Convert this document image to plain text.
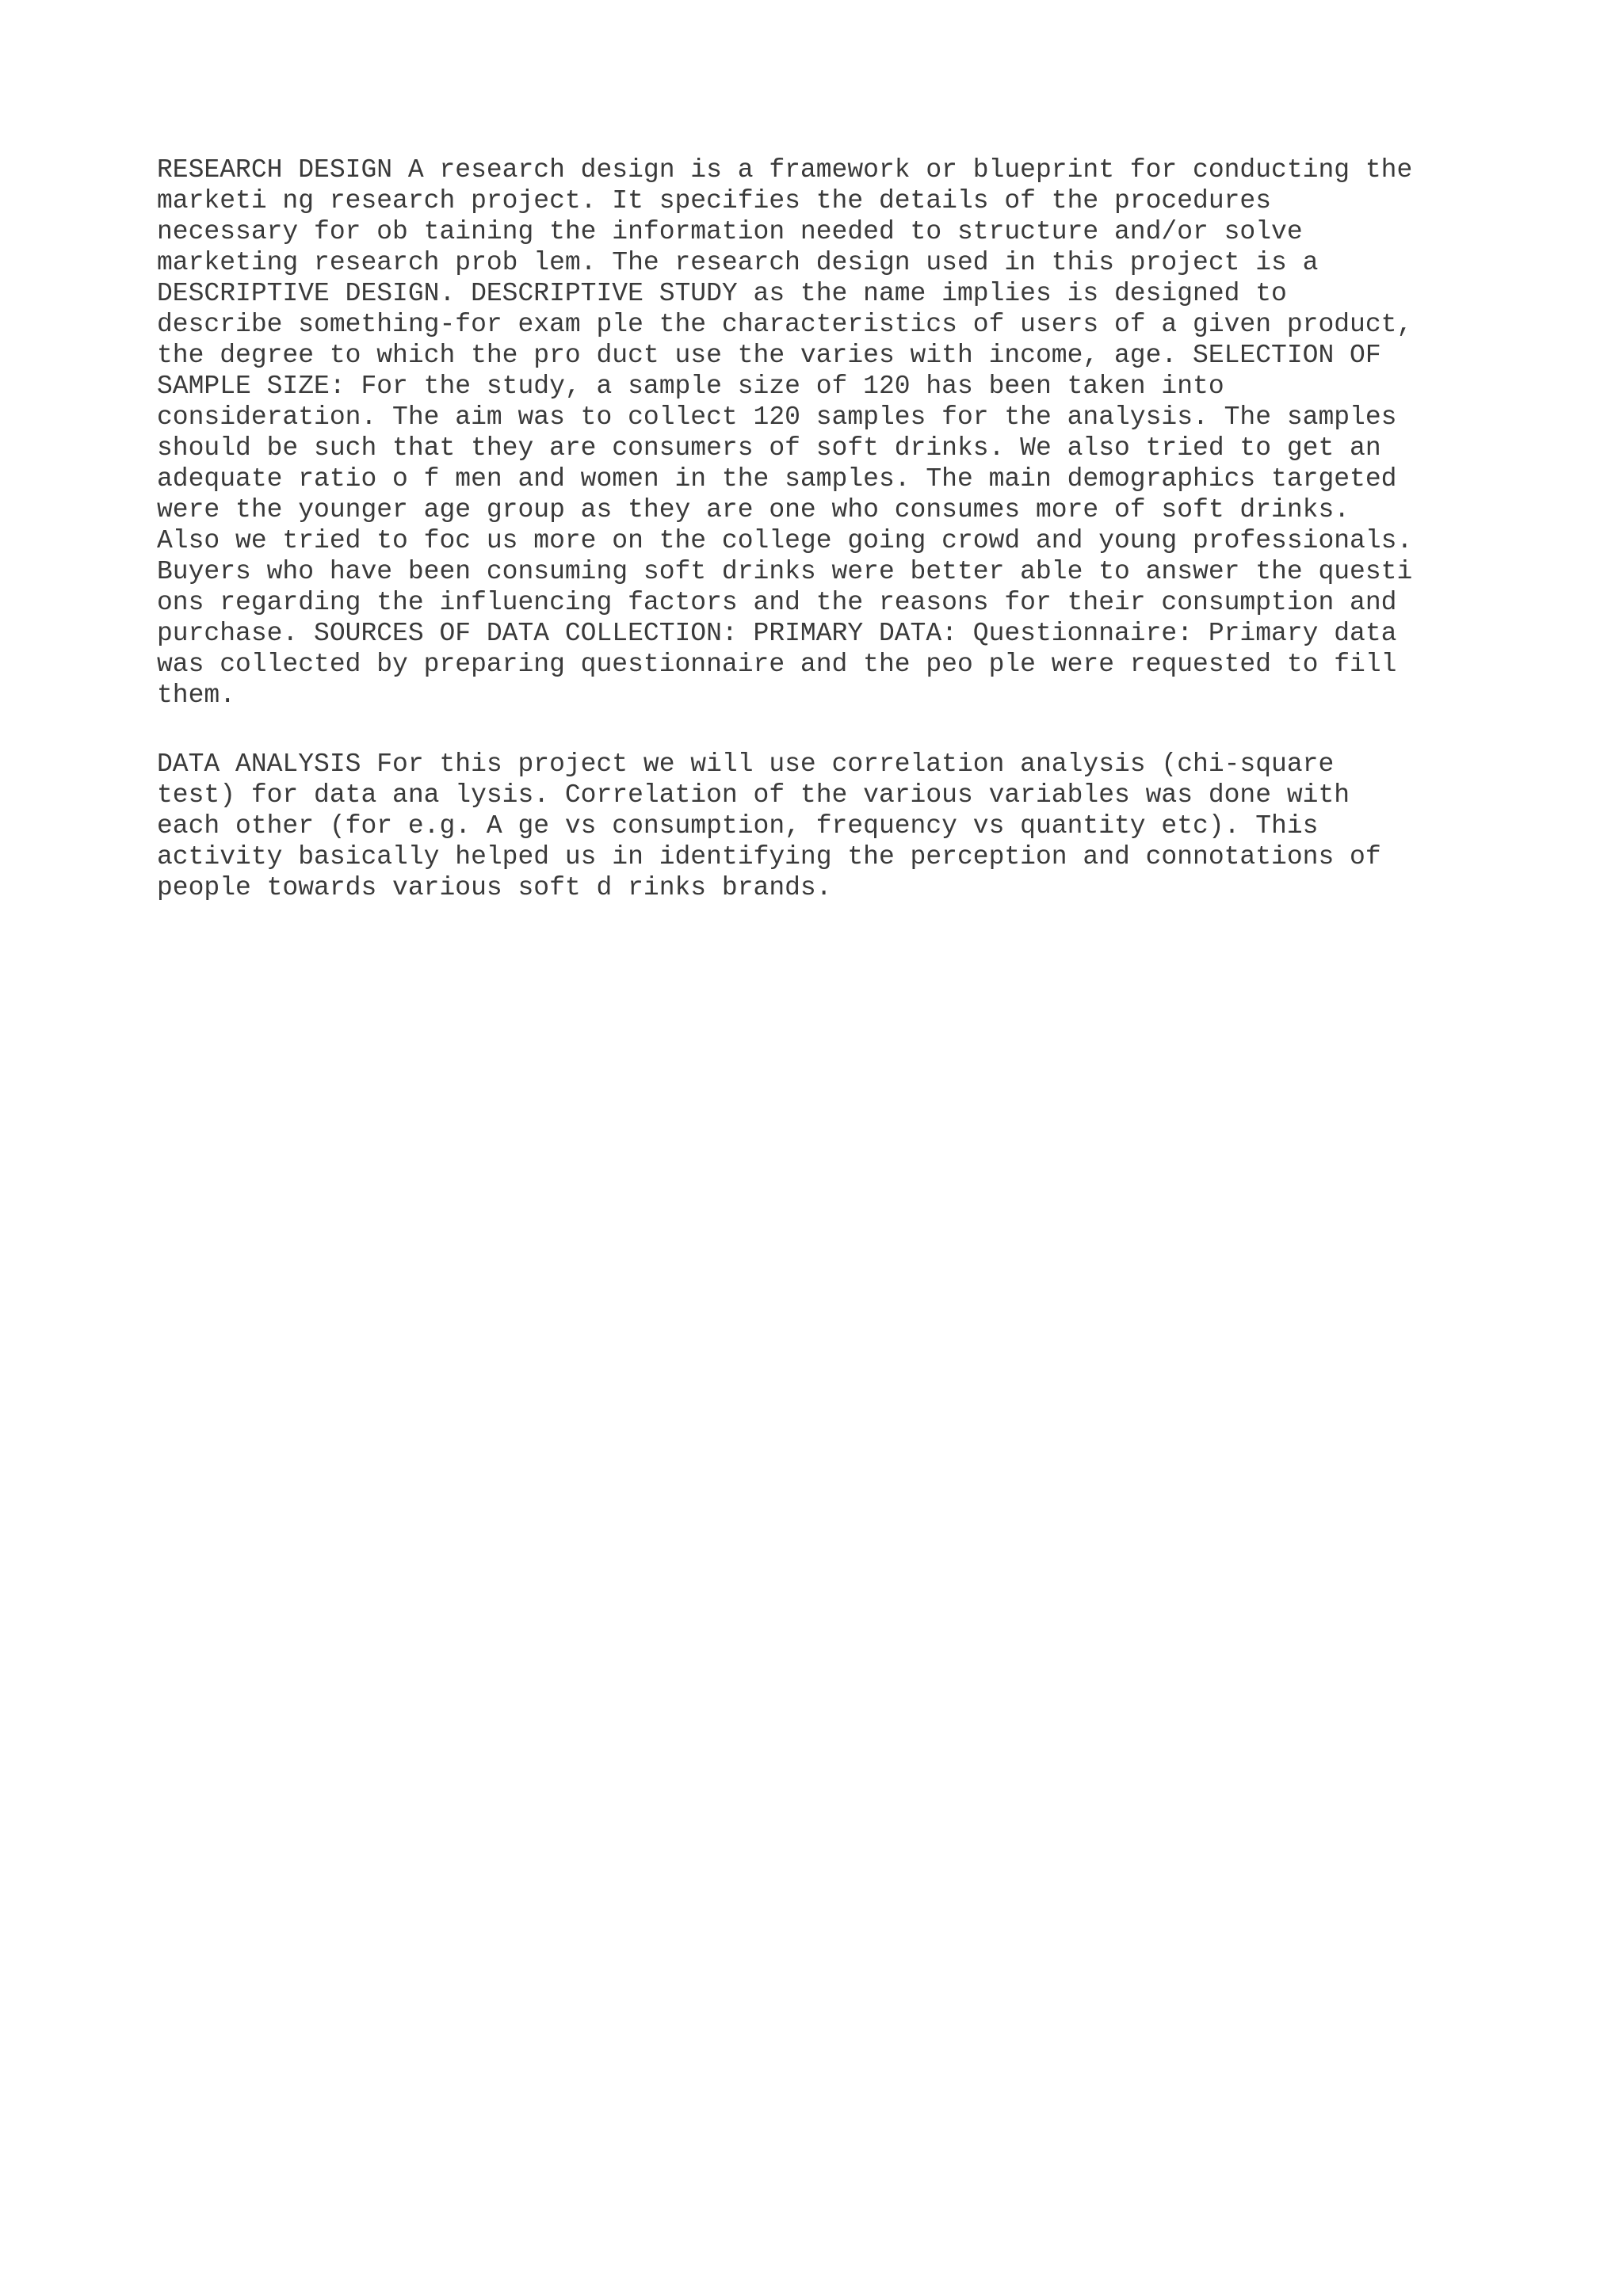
RESEARCH DESIGN A research design is a framework or blueprint for conducting the
marketi ng research project. It specifies the details of the procedures
necessary for ob taining the information needed to structure and/or solve
marketing research prob lem. The research design used in this project is a
DESCRIPTIVE DESIGN. DESCRIPTIVE STUDY as the name implies is designed to
describe something-for exam ple the characteristics of users of a given product,
the degree to which the pro duct use the varies with income, age. SELECTION OF
SAMPLE SIZE: For the study, a sample size of 120 has been taken into
consideration. The aim was to collect 120 samples for the analysis. The samples
should be such that they are consumers of soft drinks. We also tried to get an
adequate ratio o f men and women in the samples. The main demographics targeted
were the younger age group as they are one who consumes more of soft drinks.
Also we tried to foc us more on the college going crowd and young professionals.
Buyers who have been consuming soft drinks were better able to answer the questi
ons regarding the influencing factors and the reasons for their consumption and
purchase. SOURCES OF DATA COLLECTION: PRIMARY DATA: Questionnaire: Primary data
was collected by preparing questionnaire and the peo ple were requested to fill
them.
DATA ANALYSIS For this project we will use correlation analysis (chi-square
test) for data ana lysis. Correlation of the various variables was done with
each other (for e.g. A ge vs consumption, frequency vs quantity etc). This
activity basically helped us in identifying the perception and connotations of
people towards various soft d rinks brands.
